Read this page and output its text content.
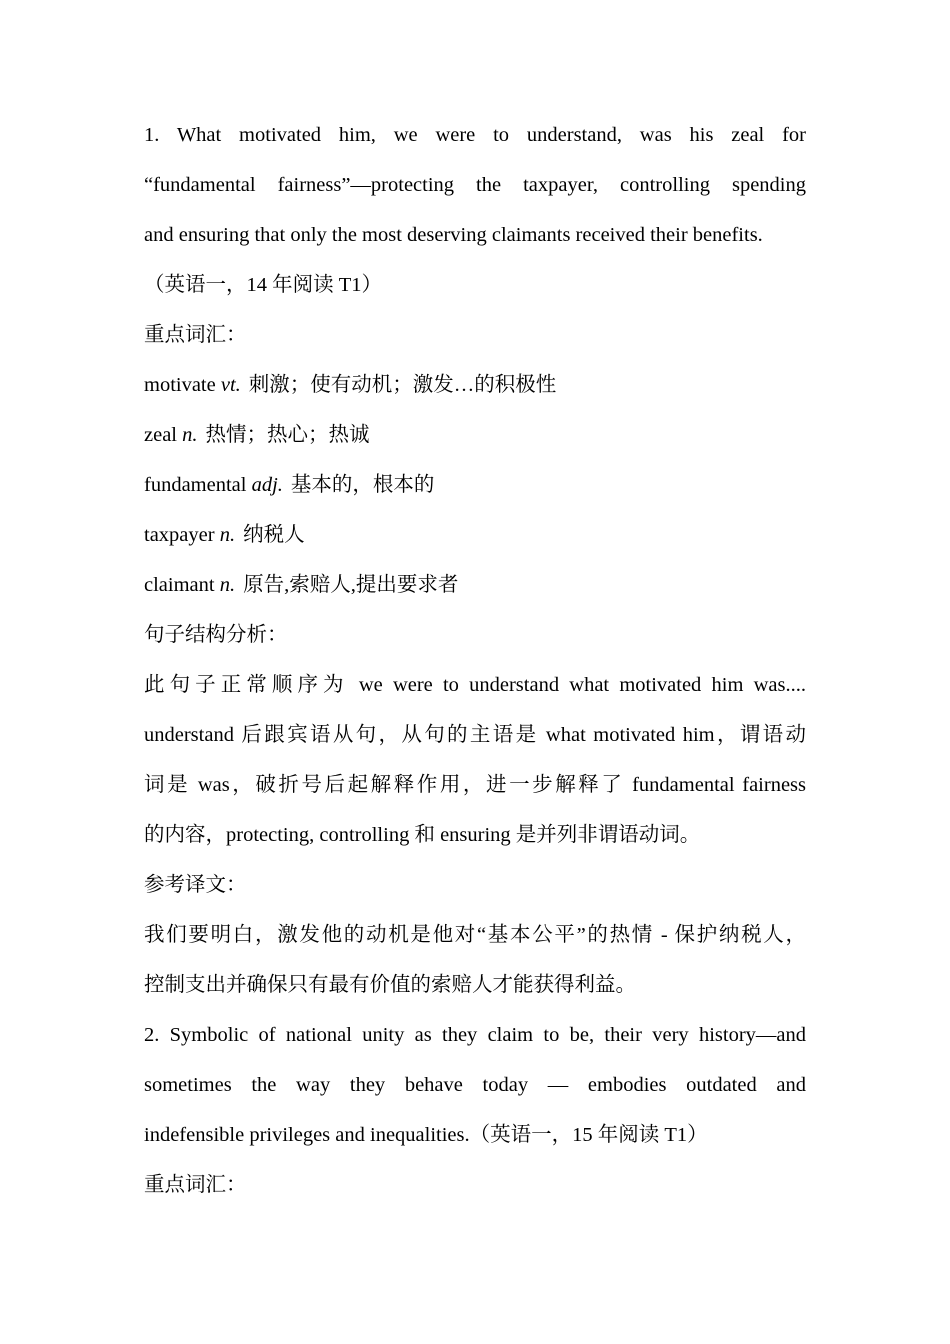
1. What motivated him, we were to understand, was his zeal for
“fundamental fairness”—protecting the taxpayer, controlling spending
and ensuring that only the most deserving claimants received their benefits.
（英语一，14 年阅读 T1）
重点词汇：
motivate vt. 刺激；使有动机；激发…的积极性
zeal n. 热情；热心；热诚
fundamental adj. 基本的，根本的
taxpayer n. 纳税人
claimant n. 原告,索赔人,提出要求者
句子结构分析：
此句子正常顺序为 we were to understand what motivated him was....
understand 后跟宾语从句，从句的主语是 what motivated him，谓语动
词是 was，破折号后起解释作用，进一步解释了 fundamental fairness
的内容，protecting, controlling 和 ensuring 是并列非谓语动词。
参考译文：
我们要明白，激发他的动机是他对“基本公平”的热情 - 保护纳税人，
控制支出并确保只有最有价值的索赔人才能获得利益。
2. Symbolic of national unity as they claim to be, their very history—and
sometimes the way they behave today — embodies outdated and
indefensible privileges and inequalities.（英语一，15 年阅读 T1）
重点词汇：
